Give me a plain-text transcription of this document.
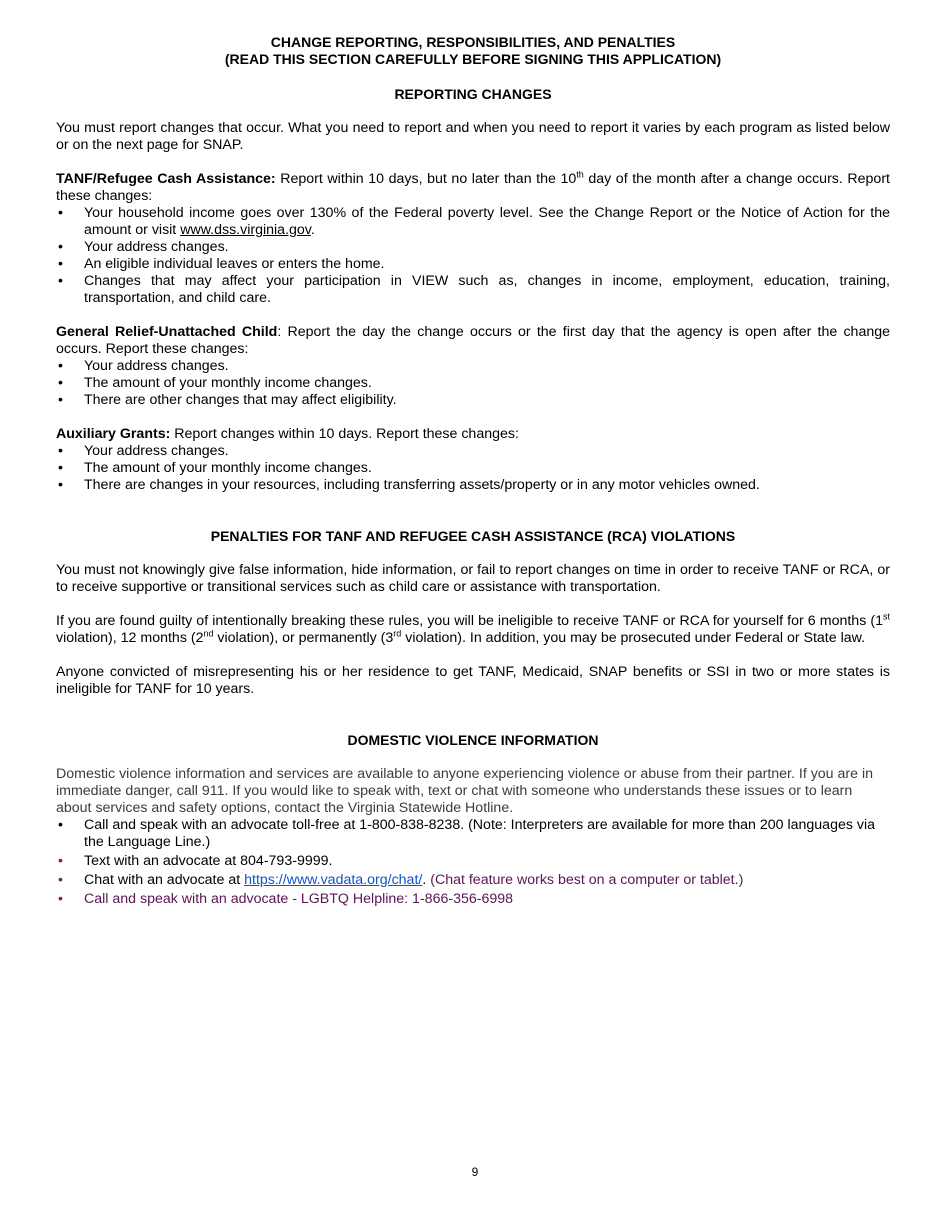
CHANGE REPORTING, RESPONSIBILITIES, AND PENALTIES
(READ THIS SECTION CAREFULLY BEFORE SIGNING THIS APPLICATION)
REPORTING CHANGES

You must report changes that occur. What you need to report and when you need to report it varies by each program as listed below or on the next page for SNAP.

TANF/Refugee Cash Assistance: Report within 10 days, but no later than the 10th day of the month after a change occurs. Report these changes:

• Your household income goes over 130% of the Federal poverty level. See the Change Report or the Notice of Action for the amount or visit www.dss.virginia.gov.
• Your address changes.
• An eligible individual leaves or enters the home.
• Changes that may affect your participation in VIEW such as, changes in income, employment, education, training, transportation, and child care.

General Relief-Unattached Child: Report the day the change occurs or the first day that the agency is open after the change occurs. Report these changes:

• Your address changes.
• The amount of your monthly income changes.
• There are other changes that may affect eligibility.

Auxiliary Grants: Report changes within 10 days. Report these changes:

• Your address changes.
• The amount of your monthly income changes.
• There are changes in your resources, including transferring assets/property or in any motor vehicles owned.
PENALTIES FOR TANF AND REFUGEE CASH ASSISTANCE (RCA) VIOLATIONS

You must not knowingly give false information, hide information, or fail to report changes on time in order to receive TANF or RCA, or to receive supportive or transitional services such as child care or assistance with transportation.

If you are found guilty of intentionally breaking these rules, you will be ineligible to receive TANF or RCA for yourself for 6 months (1st violation), 12 months (2nd violation), or permanently (3rd violation). In addition, you may be prosecuted under Federal or State law.

Anyone convicted of misrepresenting his or her residence to get TANF, Medicaid, SNAP benefits or SSI in two or more states is ineligible for TANF for 10 years.

DOMESTIC VIOLENCE INFORMATION

Domestic violence information and services are available to anyone experiencing violence or abuse from their partner. If you are in immediate danger, call 911. If you would like to speak with, text or chat with someone who understands these issues or to learn about services and safety options, contact the Virginia Statewide Hotline.

• Call and speak with an advocate toll-free at 1-800-838-8238. (Note: Interpreters are available for more than 200 languages via the Language Line.)
• Text with an advocate at 804-793-9999.
• Chat with an advocate at https://www.vadata.org/chat/. (Chat feature works best on a computer or tablet.)
• Call and speak with an advocate - LGBTQ Helpline: 1-866-356-6998
9
